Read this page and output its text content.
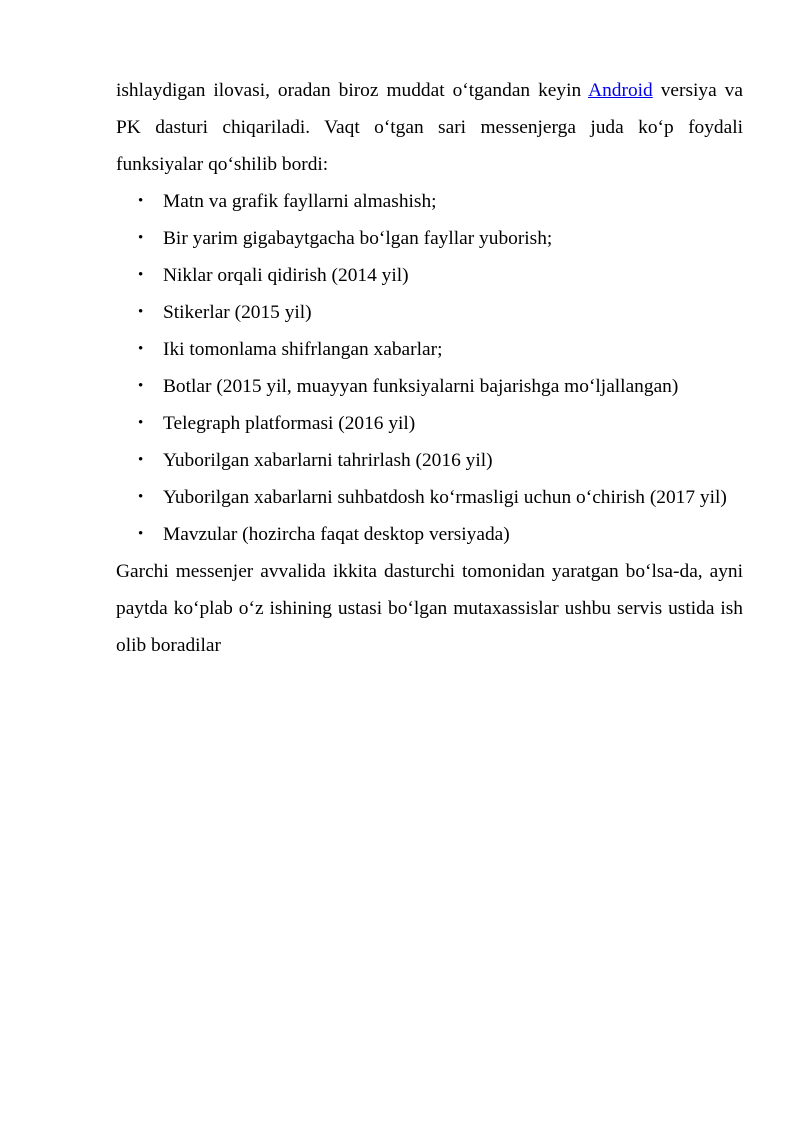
ishlaydigan ilovasi, oradan biroz muddat o‘tgandan keyin Android versiya va PK dasturi chiqariladi. Vaqt o‘tgan sari messenjerga juda ko‘p foydali funksiyalar qo‘shilib bordi:

• Matn va grafik fayllarni almashish;
• Bir yarim gigabaytgacha bo‘lgan fayllar yuborish;
• Niklar orqali qidirish (2014 yil)
• Stikerlar (2015 yil)
• Iki tomonlama shifrlangan xabarlar;
• Botlar (2015 yil, muayyan funksiyalarni bajarishga mo‘ljallangan)
• Telegraph platformasi (2016 yil)
• Yuborilgan xabarlarni tahrirlash (2016 yil)
• Yuborilgan xabarlarni suhbatdosh ko‘rmasligi uchun o‘chirish (2017 yil)
• Mavzular (hozircha faqat desktop versiyada)

Garchi messenjer avvalida ikkita dasturchi tomonidan yaratgan bo‘lsa-da, ayni paytda ko‘plab o‘z ishining ustasi bo‘lgan mutaxassislar ushbu servis ustida ish olib boradilar
